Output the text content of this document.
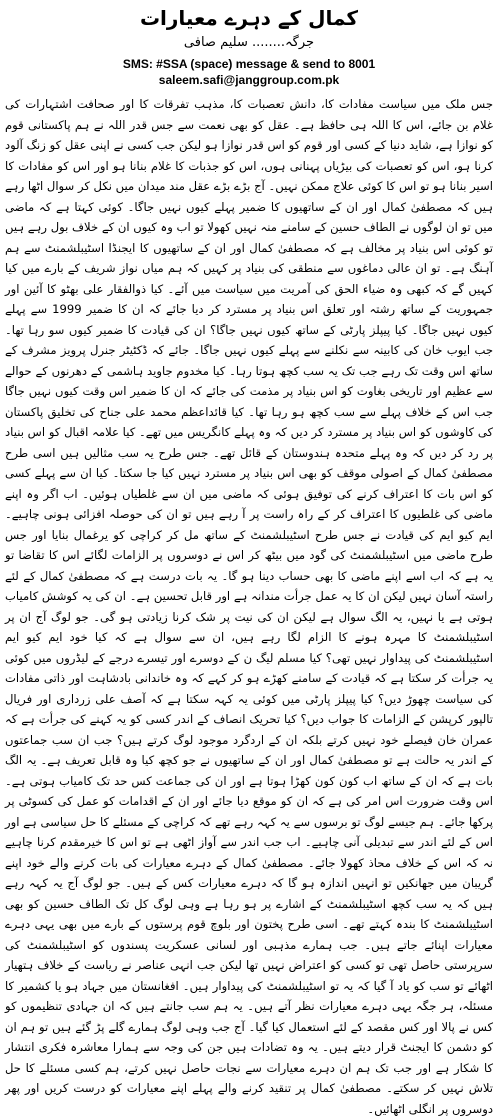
کمال کے دہرے معیارات
جرگہ........ سلیم صافی
SMS: #SSA (space) message & send to 8001
saleem.safi@janggroup.com.pk

جس ملک میں سیاست مفادات کا، دانش تعصبات کا، مذہب تفرقات کا اور صحافت اشتہارات کی غلام بن جائے، اس کا اللہ ہی حافظ ہے۔ عقل کو بھی نعمت سے جس قدر اللہ نے ہم پاکستانی قوم کو نوازا ہے، شاید دنیا کے کسی اور قوم کو اس قدر نوازا ہو لیکن جب کسی نے اپنی عقل کو زنگ آلود کرنا ہو، اس کو تعصبات کی بیڑیاں پہنانی ہوں، اس کو جذبات کا غلام بنانا ہو اور اس کو مفادات کا اسیر بنانا ہو تو اس کا کوئی علاج ممکن نہیں۔ آج بڑے بڑے عقل مند میدان میں نکل کر سوال اٹھا رہے ہیں کہ مصطفیٰ کمال اور ان کے ساتھیوں کا ضمیر پہلے کیوں نہیں جاگا۔ کوئی کہتا ہے کہ ماضی میں تو ان لوگوں نے الطاف حسین کے سامنے منہ نہیں کھولا تو اب وہ کیوں ان کے خلاف بول رہے ہیں تو کوئی اس بنیاد پر مخالف ہے کہ مصطفیٰ کمال اور ان کے ساتھیوں کا ایجنڈا اسٹیبلشمنٹ سے ہم آہنگ ہے۔ تو ان عالی دماغوں سے منطقی کی بنیاد پر کہیں کہ ہم میاں نواز شریف کے بارے میں کیا کہیں گے کہ کبھی وہ ضیاء الحق کی آمریت میں سیاست میں آئے۔ کیا ذوالفقار علی بھٹو کا آئین اور جمہوریت کے ساتھ رشتہ اور تعلق اس بنیاد پر مسترد کر دیا جائے کہ ان کا ضمیر 1999 سے پہلے کیوں نہیں جاگا۔ کیا پیپلز پارٹی کے ساتھ کیوں نہیں جاگا؟ ان کی قیادت کا ضمیر کیوں سو رہا تھا۔ جب ایوب خان کی کابینہ سے نکلنے سے پہلے کیوں نہیں جاگا۔ جائے کہ ڈکٹیٹر جنرل پرویز مشرف کے ساتھ اس وقت تک رہے جب تک یہ سب کچھ ہوتا رہا۔ کیا مخدوم جاوید ہاشمی کے دھرنوں کے حوالے سے عظیم اور تاریخی بغاوت کو اس بنیاد پر مذمت کی جائے کہ ان کا ضمیر اس وقت کیوں نہیں جاگا جب اس کے خلاف پہلے سے سب کچھ ہو رہا تھا۔ کیا قائداعظم محمد علی جناح کی تخلیق پاکستان کی کاوشوں کو اس بنیاد پر مسترد کر دیں کہ وہ پہلے کانگریس میں تھے۔ کیا علامہ اقبال کو اس بنیاد پر رد کر دیں کہ وہ پہلے متحدہ ہندوستان کے قائل تھے۔ جس طرح یہ سب مثالیں ہیں اسی طرح مصطفیٰ کمال کے اصولی موقف کو بھی اس بنیاد پر مسترد نہیں کیا جا سکتا۔ کیا ان سے پہلے کسی کو اس بات کا اعتراف کرنے کی توفیق ہوئی کہ ماضی میں ان سے غلطیاں ہوئیں۔ اب اگر وہ اپنے ماضی کی غلطیوں کا اعتراف کر کے راہ راست پر آ رہے ہیں تو ان کی حوصلہ افزائی ہونی چاہیے۔ ایم کیو ایم کی قیادت نے جس طرح اسٹیبلشمنٹ کے ساتھ مل کر کراچی کو یرغمال بنایا اور جس طرح ماضی میں اسٹیبلشمنٹ کی گود میں بیٹھ کر اس نے دوسروں پر الزامات لگائے اس کا تقاضا تو یہ ہے کہ اب اسے اپنے ماضی کا بھی حساب دینا ہو گا۔ یہ بات درست ہے کہ مصطفیٰ کمال کے لئے راستہ آسان نہیں لیکن ان کا یہ عمل جرأت مندانہ ہے اور قابل تحسین ہے۔ ان کی یہ کوشش کامیاب ہوتی ہے یا نہیں، یہ الگ سوال ہے لیکن ان کی نیت پر شک کرنا زیادتی ہو گی۔ جو لوگ آج ان پر اسٹیبلشمنٹ کا مہرہ ہونے کا الزام لگا رہے ہیں، ان سے سوال ہے کہ کیا خود ایم کیو ایم اسٹیبلشمنٹ کی پیداوار نہیں تھی؟ کیا مسلم لیگ ن کے دوسرے اور تیسرے درجے کے لیڈروں میں کوئی یہ جرأت کر سکتا ہے کہ قیادت کے سامنے کھڑے ہو کر کہے کہ وہ خاندانی بادشاہت اور ذاتی مفادات کی سیاست چھوڑ دیں؟ کیا پیپلز پارٹی میں کوئی یہ کہہ سکتا ہے کہ آصف علی زرداری اور فریال تالپور کرپشن کے الزامات کا جواب دیں؟ کیا تحریک انصاف کے اندر کسی کو یہ کہنے کی جرأت ہے کہ عمران خان فیصلے خود نہیں کرتے بلکہ ان کے اردگرد موجود لوگ کرتے ہیں؟ جب ان سب جماعتوں کے اندر یہ حالت ہے تو مصطفیٰ کمال اور ان کے ساتھیوں نے جو کچھ کیا وہ قابل تعریف ہے۔ یہ الگ بات ہے کہ ان کے ساتھ اب کون کون کھڑا ہوتا ہے اور ان کی جماعت کس حد تک کامیاب ہوتی ہے۔ اس وقت ضرورت اس امر کی ہے کہ ان کو موقع دیا جائے اور ان کے اقدامات کو عمل کی کسوٹی پر پرکھا جائے۔ ہم جیسے لوگ تو برسوں سے یہ کہہ رہے تھے کہ کراچی کے مسئلے کا حل سیاسی ہے اور اس کے لئے اندر سے تبدیلی آنی چاہیے۔ اب جب اندر سے آواز اٹھی ہے تو اس کا خیرمقدم کرنا چاہیے نہ کہ اس کے خلاف محاذ کھولا جائے۔ مصطفیٰ کمال کے دہرے معیارات کی بات کرنے والے خود اپنے گریبان میں جھانکیں تو انہیں اندازہ ہو گا کہ دہرے معیارات کس کے ہیں۔ جو لوگ آج یہ کہہ رہے ہیں کہ یہ سب کچھ اسٹیبلشمنٹ کے اشارے پر ہو رہا ہے وہی لوگ کل تک الطاف حسین کو بھی اسٹیبلشمنٹ کا بندہ کہتے تھے۔ اسی طرح پختون اور بلوچ قوم پرستوں کے بارے میں بھی یہی دہرے معیارات اپنائے جاتے ہیں۔ جب ہمارے مذہبی اور لسانی عسکریت پسندوں کو اسٹیبلشمنٹ کی سرپرستی حاصل تھی تو کسی کو اعتراض نہیں تھا لیکن جب انہی عناصر نے ریاست کے خلاف ہتھیار اٹھائے تو سب کو یاد آ گیا کہ یہ تو اسٹیبلشمنٹ کی پیداوار ہیں۔ افغانستان میں جہاد ہو یا کشمیر کا مسئلہ، ہر جگہ یہی دہرے معیارات نظر آتے ہیں۔ یہ ہم سب جانتے ہیں کہ ان جہادی تنظیموں کو کس نے پالا اور کس مقصد کے لئے استعمال کیا گیا۔ آج جب وہی لوگ ہمارے گلے پڑ گئے ہیں تو ہم ان کو دشمن کا ایجنٹ قرار دیتے ہیں۔ یہ وہ تضادات ہیں جن کی وجہ سے ہمارا معاشرہ فکری انتشار کا شکار ہے اور جب تک ہم ان دہرے معیارات سے نجات حاصل نہیں کرتے، ہم کسی مسئلے کا حل تلاش نہیں کر سکتے۔ مصطفیٰ کمال پر تنقید کرنے والے پہلے اپنے معیارات کو درست کریں اور پھر دوسروں پر انگلی اٹھائیں۔
